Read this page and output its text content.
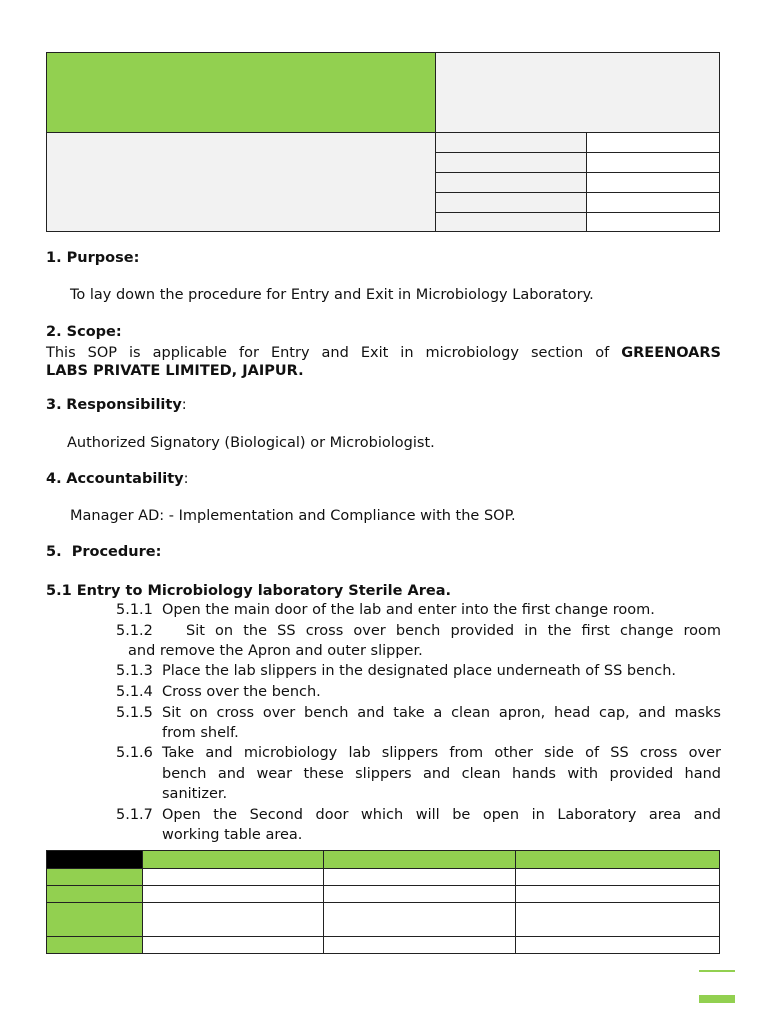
1. Purpose:
To lay down the procedure for Entry and Exit in Microbiology Laboratory.
2. Scope:
This SOP is applicable for Entry and Exit in microbiology section of GREENOARS
LABS PRIVATE LIMITED, JAIPUR.
3. Responsibility:
Authorized Signatory (Biological) or Microbiologist.
4. Accountability:
Manager AD: - Implementation and Compliance with the SOP.
5. Procedure:
5.1 Entry to Microbiology laboratory Sterile Area.
5.1.1 Open the main door of the lab and enter into the first change room.
5.1.2 Sit on the SS cross over bench provided in the first change room
and remove the Apron and outer slipper.
5.1.3 Place the lab slippers in the designated place underneath of SS bench.
5.1.4 Cross over the bench.
5.1.5 Sit on cross over bench and take a clean apron, head cap, and masks
from shelf.
5.1.6 Take and microbiology lab slippers from other side of SS cross over
bench and wear these slippers and clean hands with provided hand
sanitizer.
5.1.7 Open the Second door which will be open in Laboratory area and
working table area.
